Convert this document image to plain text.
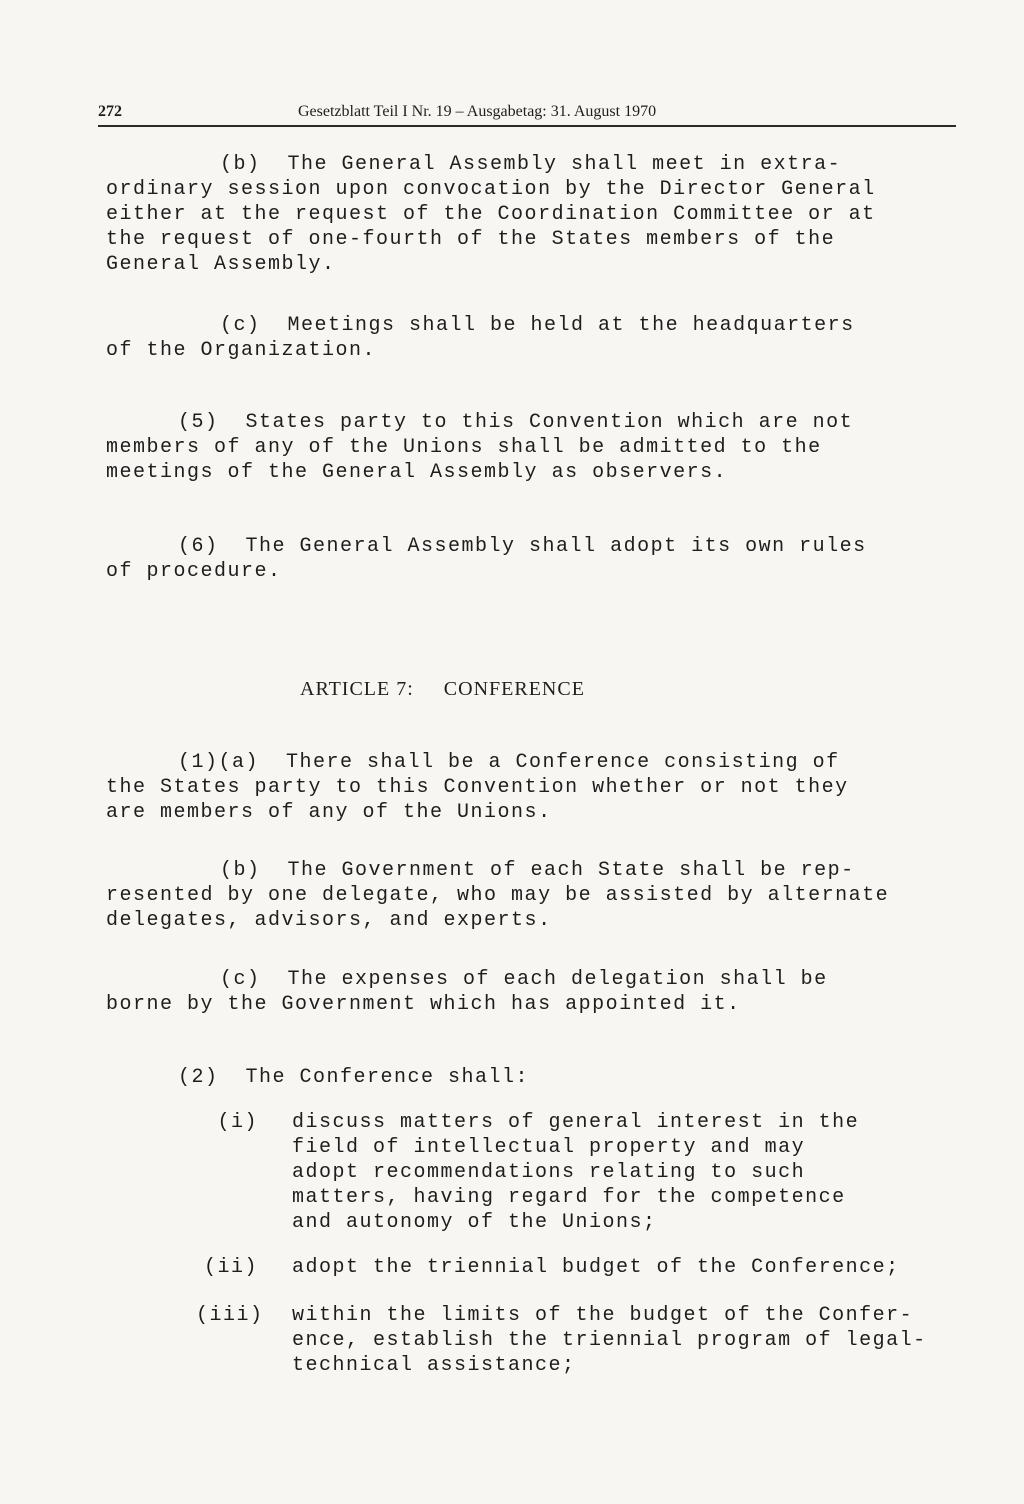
272	Gesetzblatt Teil I Nr. 19 – Ausgabetag: 31. August 1970

(b)  The General Assembly shall meet in extra-
ordinary session upon convocation by the Director General
either at the request of the Coordination Committee or at
the request of one-fourth of the States members of the
General Assembly.

(c)  Meetings shall be held at the headquarters
of the Organization.

(5)  States party to this Convention which are not
members of any of the Unions shall be admitted to the
meetings of the General Assembly as observers.

(6)  The General Assembly shall adopt its own rules
of procedure.

ARTICLE 7: CONFERENCE

(1)(a)  There shall be a Conference consisting of
the States party to this Convention whether or not they
are members of any of the Unions.

(b)  The Government of each State shall be rep-
resented by one delegate, who may be assisted by alternate
delegates, advisors, and experts.

(c)  The expenses of each delegation shall be
borne by the Government which has appointed it.

(2)  The Conference shall:

(i) discuss matters of general interest in the
field of intellectual property and may
adopt recommendations relating to such
matters, having regard for the competence
and autonomy of the Unions;

(ii) adopt the triennial budget of the Conference;

(iii) within the limits of the budget of the Confer-
ence, establish the triennial program of legal-
technical assistance;
